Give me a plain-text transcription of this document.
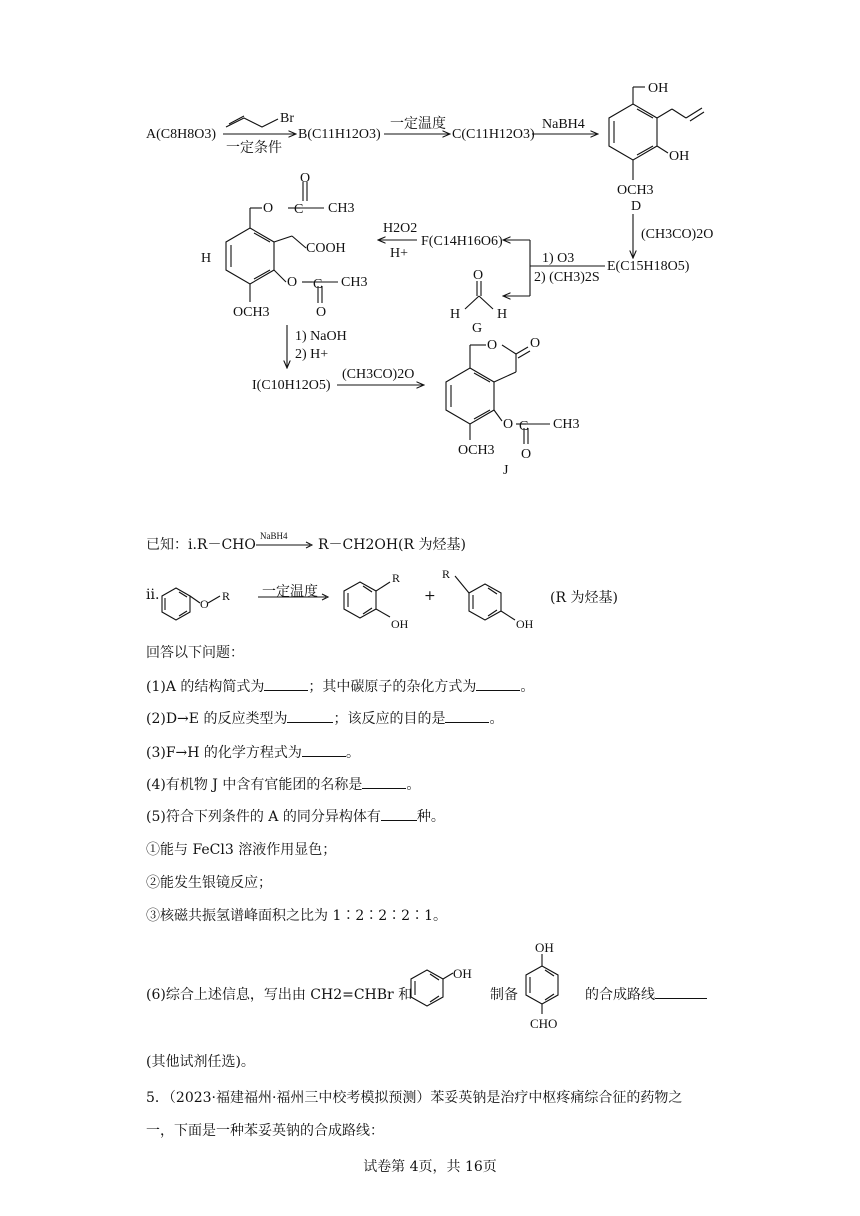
A(C8H8O3)
Br
一定条件
B(C11H12O3)
一定温度
C(C11H12O3)
NaBH4
OH
OH
OCH3
D
(CH3CO)2O
E(C15H18O5)
1) O3
2) (CH3)2S
F(C14H16O6)
H2O2
H+
O
H	H
G
H
O
O
C CH3
COOH
O C CH3
O
OCH3
1) NaOH
2) H+
I(C10H12O5)
(CH3CO)2O
O O
O C CH3
O
OCH3
J
已知：i.R－CHO
NaBH4
R－CH2OH(R 为烃基)
ii.
O
R
R
OH
R
OH
一定温度	+	(R 为烃基)
回答以下问题：
(1)A 的结构简式为	；其中碳原子的杂化方式为	。
(2)D→E 的反应类型为	；该反应的目的是	。
(3)F→H 的化学方程式为	。
(4)有机物 J 中含有官能团的名称是	。
(5)符合下列条件的 A 的同分异构体有	种。
①能与 FeCl3 溶液作用显色；
②能发生银镜反应；
③核磁共振氢谱峰面积之比为 1∶2∶2∶2∶1。
(6)综合上述信息，写出由 CH2=CHBr 和
OH
制备
OH
CHO
的合成路线
(其他试剂任选)。
5．（2023·福建福州·福州三中校考模拟预测）苯妥英钠是治疗中枢疼痛综合征的药物之
一，下面是一种苯妥英钠的合成路线：
试卷第 4页，共 16页
